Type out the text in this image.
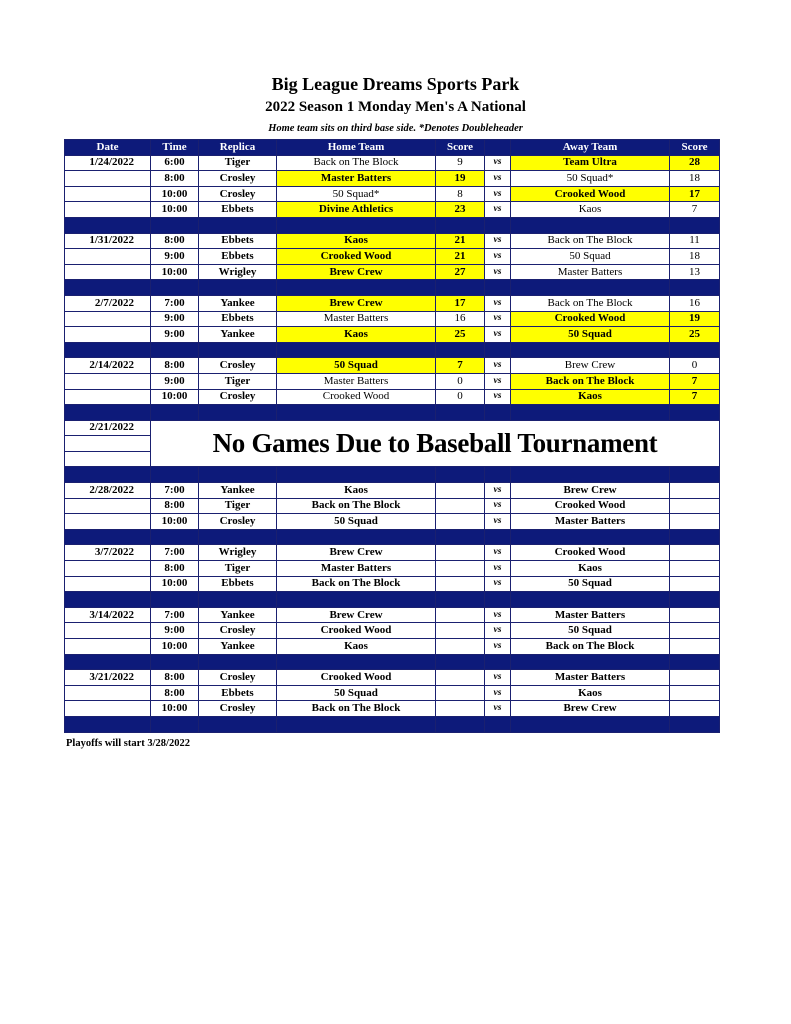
Big League Dreams Sports Park
2022 Season 1 Monday Men's A National
Home team sits on third base side. *Denotes Doubleheader
Date	Time	Replica	Home Team	Score		Away Team	Score
1/24/2022	6:00	Tiger	Back on The Block	9	vs	Team Ultra	28
	8:00	Crosley	Master Batters	19	vs	50 Squad*	18
	10:00	Crosley	50 Squad*	8	vs	Crooked Wood	17
	10:00	Ebbets	Divine Athletics	23	vs	Kaos	7

1/31/2022	8:00	Ebbets	Kaos	21	vs	Back on The Block	11
	9:00	Ebbets	Crooked Wood	21	vs	50 Squad	18
	10:00	Wrigley	Brew Crew	27	vs	Master Batters	13

2/7/2022	7:00	Yankee	Brew Crew	17	vs	Back on The Block	16
	9:00	Ebbets	Master Batters	16	vs	Crooked Wood	19
	9:00	Yankee	Kaos	25	vs	50 Squad	25

2/14/2022	8:00	Crosley	50 Squad	7	vs	Brew Crew	0
	9:00	Tiger	Master Batters	0	vs	Back on The Block	7
	10:00	Crosley	Crooked Wood	0	vs	Kaos	7

2/21/2022	No Games Due to Baseball Tournament						

2/28/2022	7:00	Yankee	Kaos		vs	Brew Crew	
	8:00	Tiger	Back on The Block		vs	Crooked Wood	
	10:00	Crosley	50 Squad		vs	Master Batters	

3/7/2022	7:00	Wrigley	Brew Crew		vs	Crooked Wood	
	8:00	Tiger	Master Batters		vs	Kaos	
	10:00	Ebbets	Back on The Block		vs	50 Squad	

3/14/2022	7:00	Yankee	Brew Crew		vs	Master Batters	
	9:00	Crosley	Crooked Wood		vs	50 Squad	
	10:00	Yankee	Kaos		vs	Back on The Block	

3/21/2022	8:00	Crosley	Crooked Wood		vs	Master Batters	
	8:00	Ebbets	50 Squad		vs	Kaos	
	10:00	Crosley	Back on The Block		vs	Brew Crew	

Playoffs will start 3/28/2022
